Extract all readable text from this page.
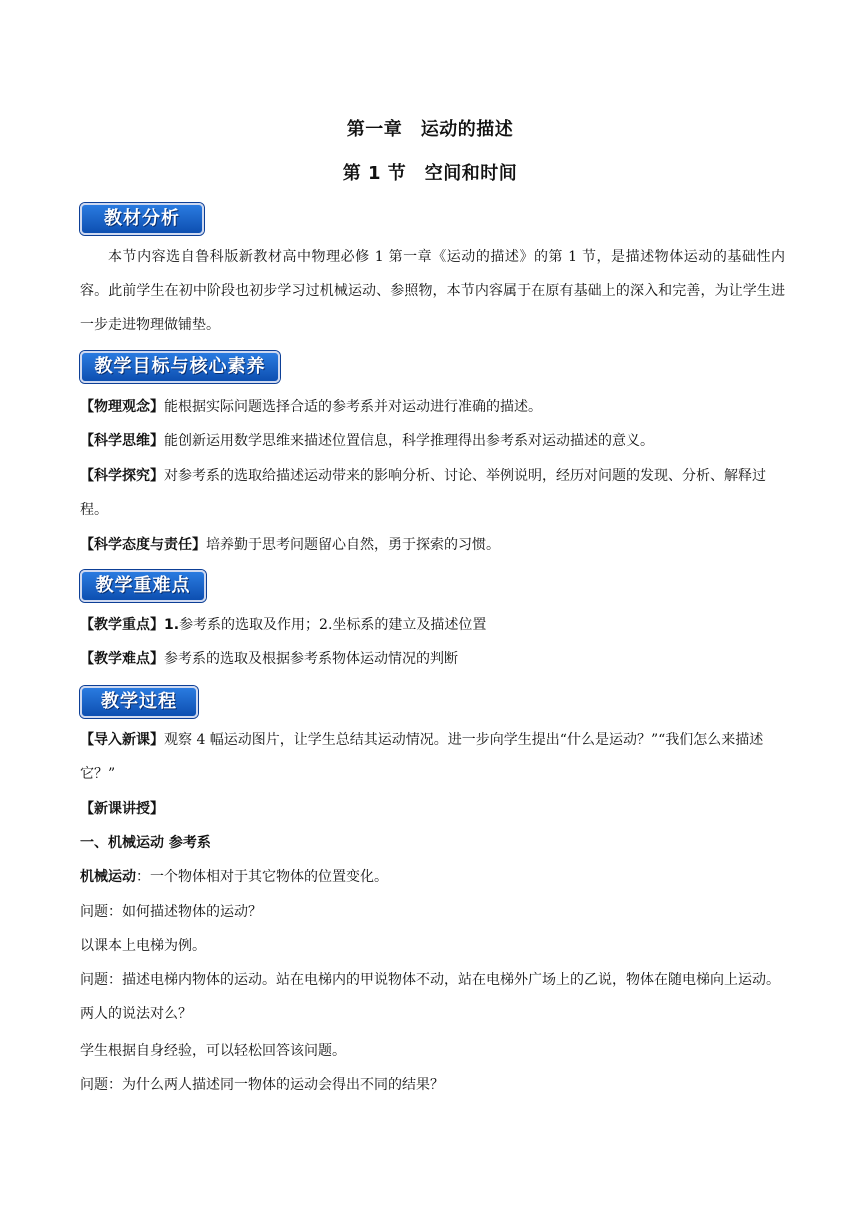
第一章　运动的描述
第 1 节　空间和时间
教材分析
本节内容选自鲁科版新教材高中物理必修 1 第一章《运动的描述》的第 1 节，是描述物体运动的基础性内容。此前学生在初中阶段也初步学习过机械运动、参照物，本节内容属于在原有基础上的深入和完善，为让学生进一步走进物理做铺垫。
教学目标与核心素养
【物理观念】能根据实际问题选择合适的参考系并对运动进行准确的描述。
【科学思维】能创新运用数学思维来描述位置信息，科学推理得出参考系对运动描述的意义。
【科学探究】对参考系的选取给描述运动带来的影响分析、讨论、举例说明，经历对问题的发现、分析、解释过程。
【科学态度与责任】培养勤于思考问题留心自然，勇于探索的习惯。
教学重难点
【教学重点】1.参考系的选取及作用；2.坐标系的建立及描述位置
【教学难点】参考系的选取及根据参考系物体运动情况的判断
教学过程
【导入新课】观察 4 幅运动图片，让学生总结其运动情况。进一步向学生提出“什么是运动？”“我们怎么来描述它？”
【新课讲授】
一、机械运动 参考系
机械运动：一个物体相对于其它物体的位置变化。
问题：如何描述物体的运动？
以课本上电梯为例。
问题：描述电梯内物体的运动。站在电梯内的甲说物体不动，站在电梯外广场上的乙说，物体在随电梯向上运动。两人的说法对么？
学生根据自身经验，可以轻松回答该问题。
问题：为什么两人描述同一物体的运动会得出不同的结果？
